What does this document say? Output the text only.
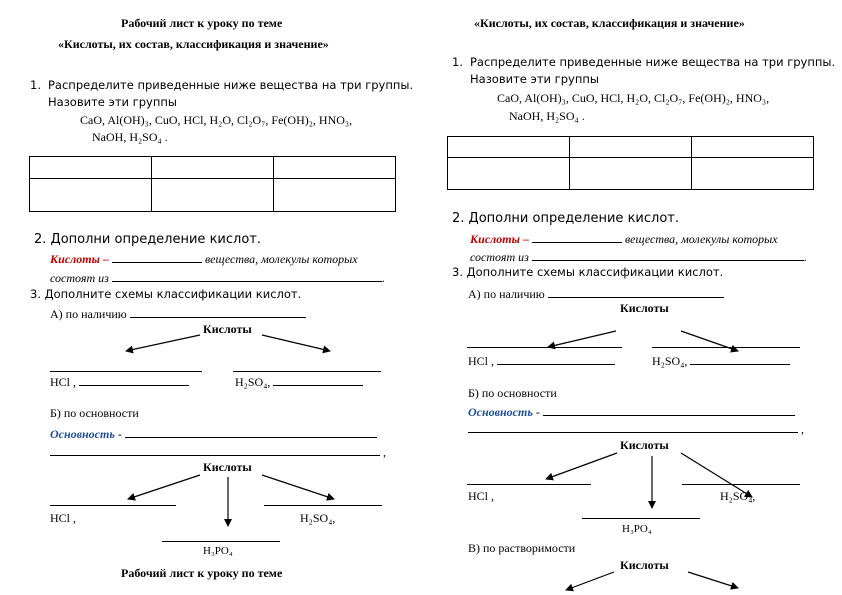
Рабочий лист к уроку по теме
«Кислоты, их состав, классификация и значение»
1. Распределите приведенные ниже вещества на три группы.
Назовите эти группы
CaO, Al(OH)₃, CuO, HCl, H₂O, Cl₂O₇, Fe(OH)₂, HNO₃,
NaOH, H₂SO₄ .

2. Дополни определение кислот.
Кислоты –	вещества, молекулы которых
состоят из	.
3. Дополните схемы классификации кислот.
А) по наличию
Кислоты
HCl ,	H₂SO₄,
Б) по основности
Основность -
,
Кислоты
HCl ,	H₂SO₄,
H₃PO₄
Рабочий лист к уроку по теме
«Кислоты, их состав, классификация и значение»
1. Распределите приведенные ниже вещества на три группы.
Назовите эти группы
CaO, Al(OH)₃, CuO, HCl, H₂O, Cl₂O₇, Fe(OH)₂, HNO₃,
NaOH, H₂SO₄ .

2. Дополни определение кислот.
Кислоты –	вещества, молекулы которых
состоят из	.
3. Дополните схемы классификации кислот.
А) по наличию
Кислоты
HCl ,	H₂SO₄,
Б) по основности
Основность -
,
Кислоты
HCl ,	H₂SO₄,
H₃PO₄
В) по растворимости
Кислоты
